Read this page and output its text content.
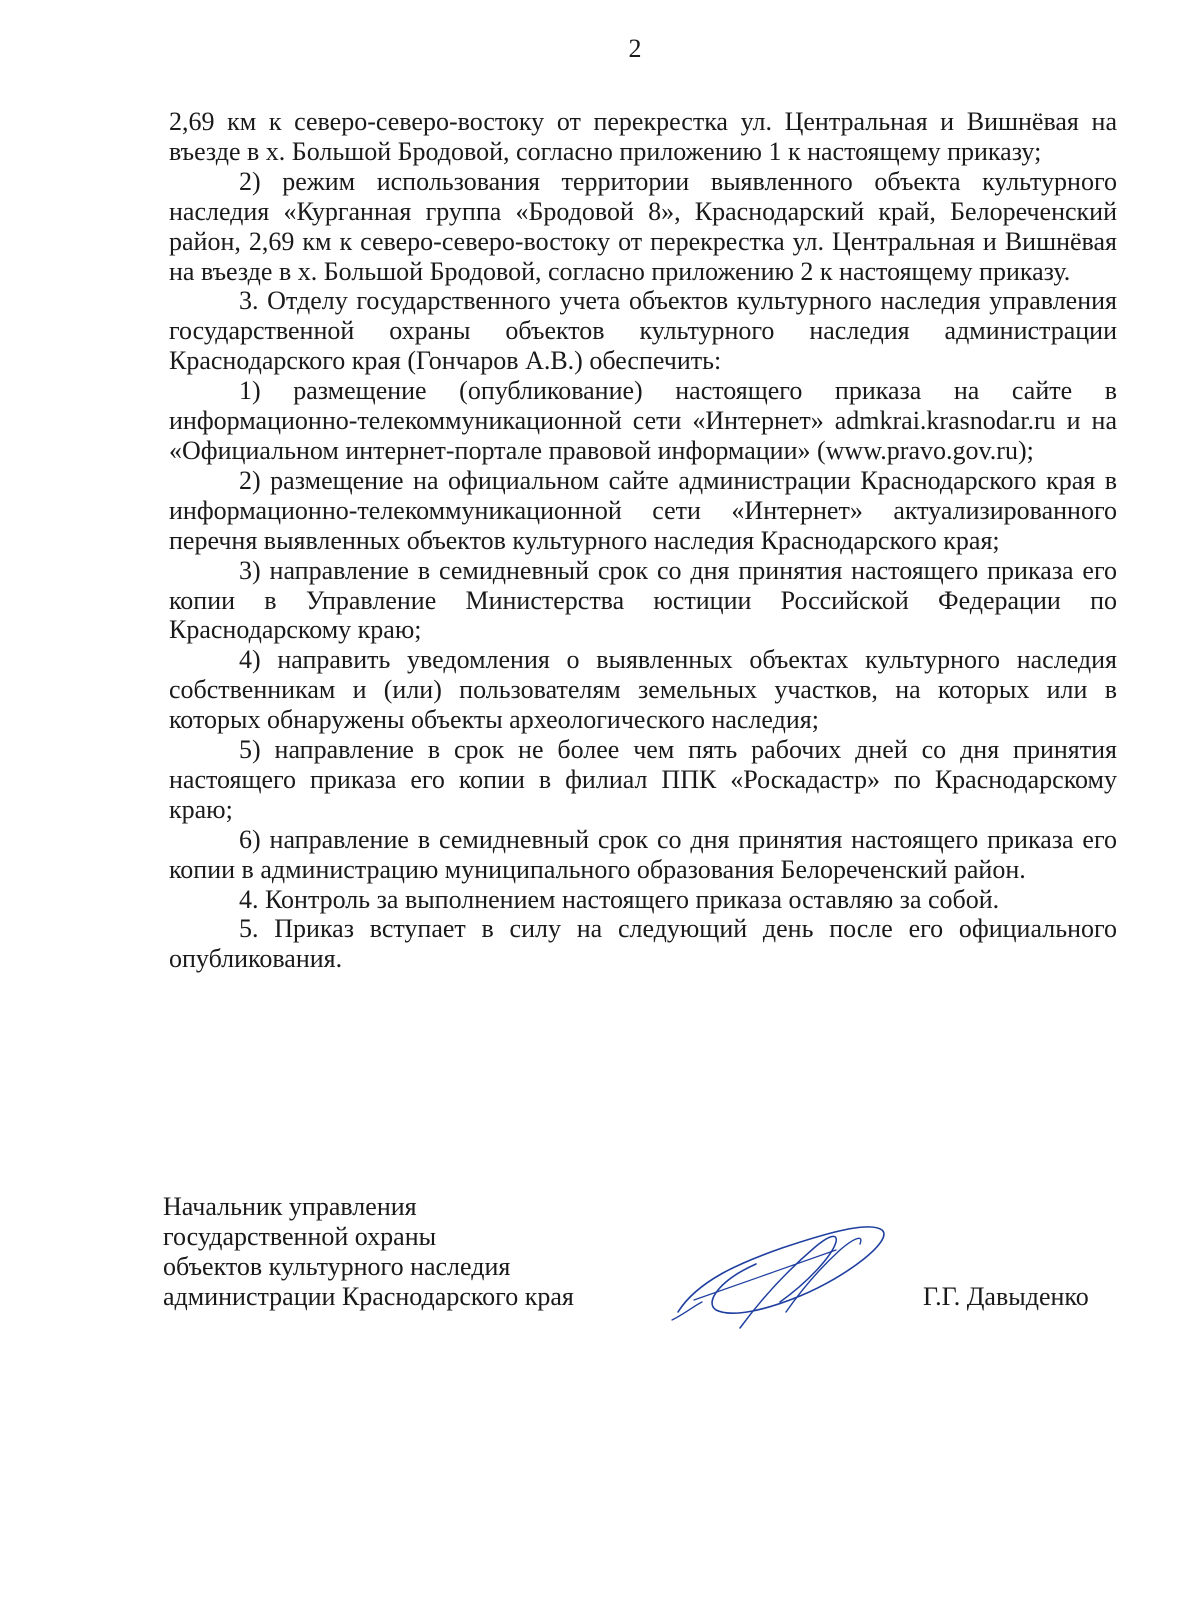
2

2,69 км к северо-северо-востоку от перекрестка ул. Центральная и Вишнёвая на въезде в х. Большой Бродовой, согласно приложению 1 к настоящему приказу;

2) режим использования территории выявленного объекта культурного наследия «Курганная группа «Бродовой 8», Краснодарский край, Белореченский район, 2,69 км к северо-северо-востоку от перекрестка ул. Центральная и Вишнёвая на въезде в х. Большой Бродовой, согласно приложению 2 к настоящему приказу.

3. Отделу государственного учета объектов культурного наследия управления государственной охраны объектов культурного наследия администрации Краснодарского края (Гончаров А.В.) обеспечить:

1) размещение (опубликование) настоящего приказа на сайте в информационно-телекоммуникационной сети «Интернет» admkrai.krasnodar.ru и на «Официальном интернет-портале правовой информации» (www.pravo.gov.ru);

2) размещение на официальном сайте администрации Краснодарского края в информационно-телекоммуникационной сети «Интернет» актуализированного перечня выявленных объектов культурного наследия Краснодарского края;

3) направление в семидневный срок со дня принятия настоящего приказа его копии в Управление Министерства юстиции Российской Федерации по Краснодарскому краю;

4) направить уведомления о выявленных объектах культурного наследия собственникам и (или) пользователям земельных участков, на которых или в которых обнаружены объекты археологического наследия;

5) направление в срок не более чем пять рабочих дней со дня принятия настоящего приказа его копии в филиал ППК «Роскадастр» по Краснодарскому краю;

6) направление в семидневный срок со дня принятия настоящего приказа его копии в администрацию муниципального образования Белореченский район.

4. Контроль за выполнением настоящего приказа оставляю за собой.

5. Приказ вступает в силу на следующий день после его официального опубликования.

Начальник управления
государственной охраны
объектов культурного наследия
администрации Краснодарского края	Г.Г. Давыденко
